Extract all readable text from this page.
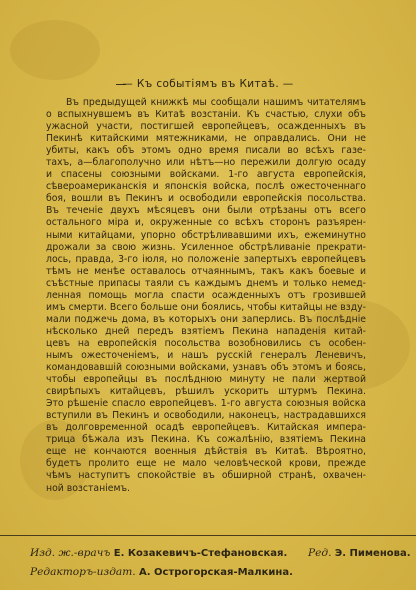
— Къ событіямъ въ Китаѣ. —

Въ предыдущей книжкѣ мы сообщали нашимъ читателямъ

о вспыхнувшемъ въ Китаѣ возстаніи. Къ счастью, слухи объ

ужасной участи, постигшей европейцевъ, осажденныхъ въ

Пекинѣ китайскими мятежниками, не оправдались. Они не

убиты, какъ объ этомъ одно время писали во всѣхъ газе-

тахъ, а—благополучно или нѣтъ—но пережили долгую осаду

и спасены союзными войсками. 1-го августа европейскія,

сѣвероамериканскія и японскія войска, послѣ ожесточеннаго

боя, вошли въ Пекинъ и освободили европейскія посольства.

Въ теченіе двухъ мѣсяцевъ они были отрѣзаны отъ всего

остального міра и, окруженные со всѣхъ сторонъ разъярен-

ными китайцами, упорно обстрѣливавшими ихъ, ежеминутно

дрожали за свою жизнь. Усиленное обстрѣливаніе прекрати-

лось, правда, 3-го іюля, но положеніе запертыхъ европейцевъ

тѣмъ не менѣе оставалось отчаяннымъ, такъ какъ боевые и

съѣстные припасы таяли съ каждымъ днемъ и только немед-

ленная помощь могла спасти осажденныхъ отъ грозившей

имъ смерти. Всего больше они боялись, чтобы китайцы не взду-

мали поджечь дома, въ которыхъ они заперлись. Въ послѣдніе

нѣсколько дней передъ взятіемъ Пекина нападенія китай-

цевъ на европейскія посольства возобновились съ особен-

нымъ ожесточеніемъ, и нашъ русскій генералъ Леневичъ,

командовавшій союзными войсками, узнавъ объ этомъ и боясь,

чтобы европейцы въ послѣднюю минуту не пали жертвой

свирѣпыхъ китайцевъ, рѣшилъ ускорить штурмъ Пекина.

Это рѣшеніе спасло европейцевъ. 1-го августа союзныя войска

вступили въ Пекинъ и освободили, наконецъ, настрадавшихся

въ долговременной осадѣ европейцевъ. Китайская импера-

трица бѣжала изъ Пекина. Къ сожалѣнію, взятіемъ Пекина

еще не кончаются военныя дѣйствія въ Китаѣ. Вѣроятно,

будетъ пролито еще не мало человѣческой крови, прежде

чѣмъ наступитъ спокойствіе въ обширной странѣ, охвачен-

ной возстаніемъ.

Изд. ж.-врачъ Е. Козакевичъ-Стефановская. Ред. Э. Пименова.
Редакторъ-издат. А. Острогорская-Малкина.
